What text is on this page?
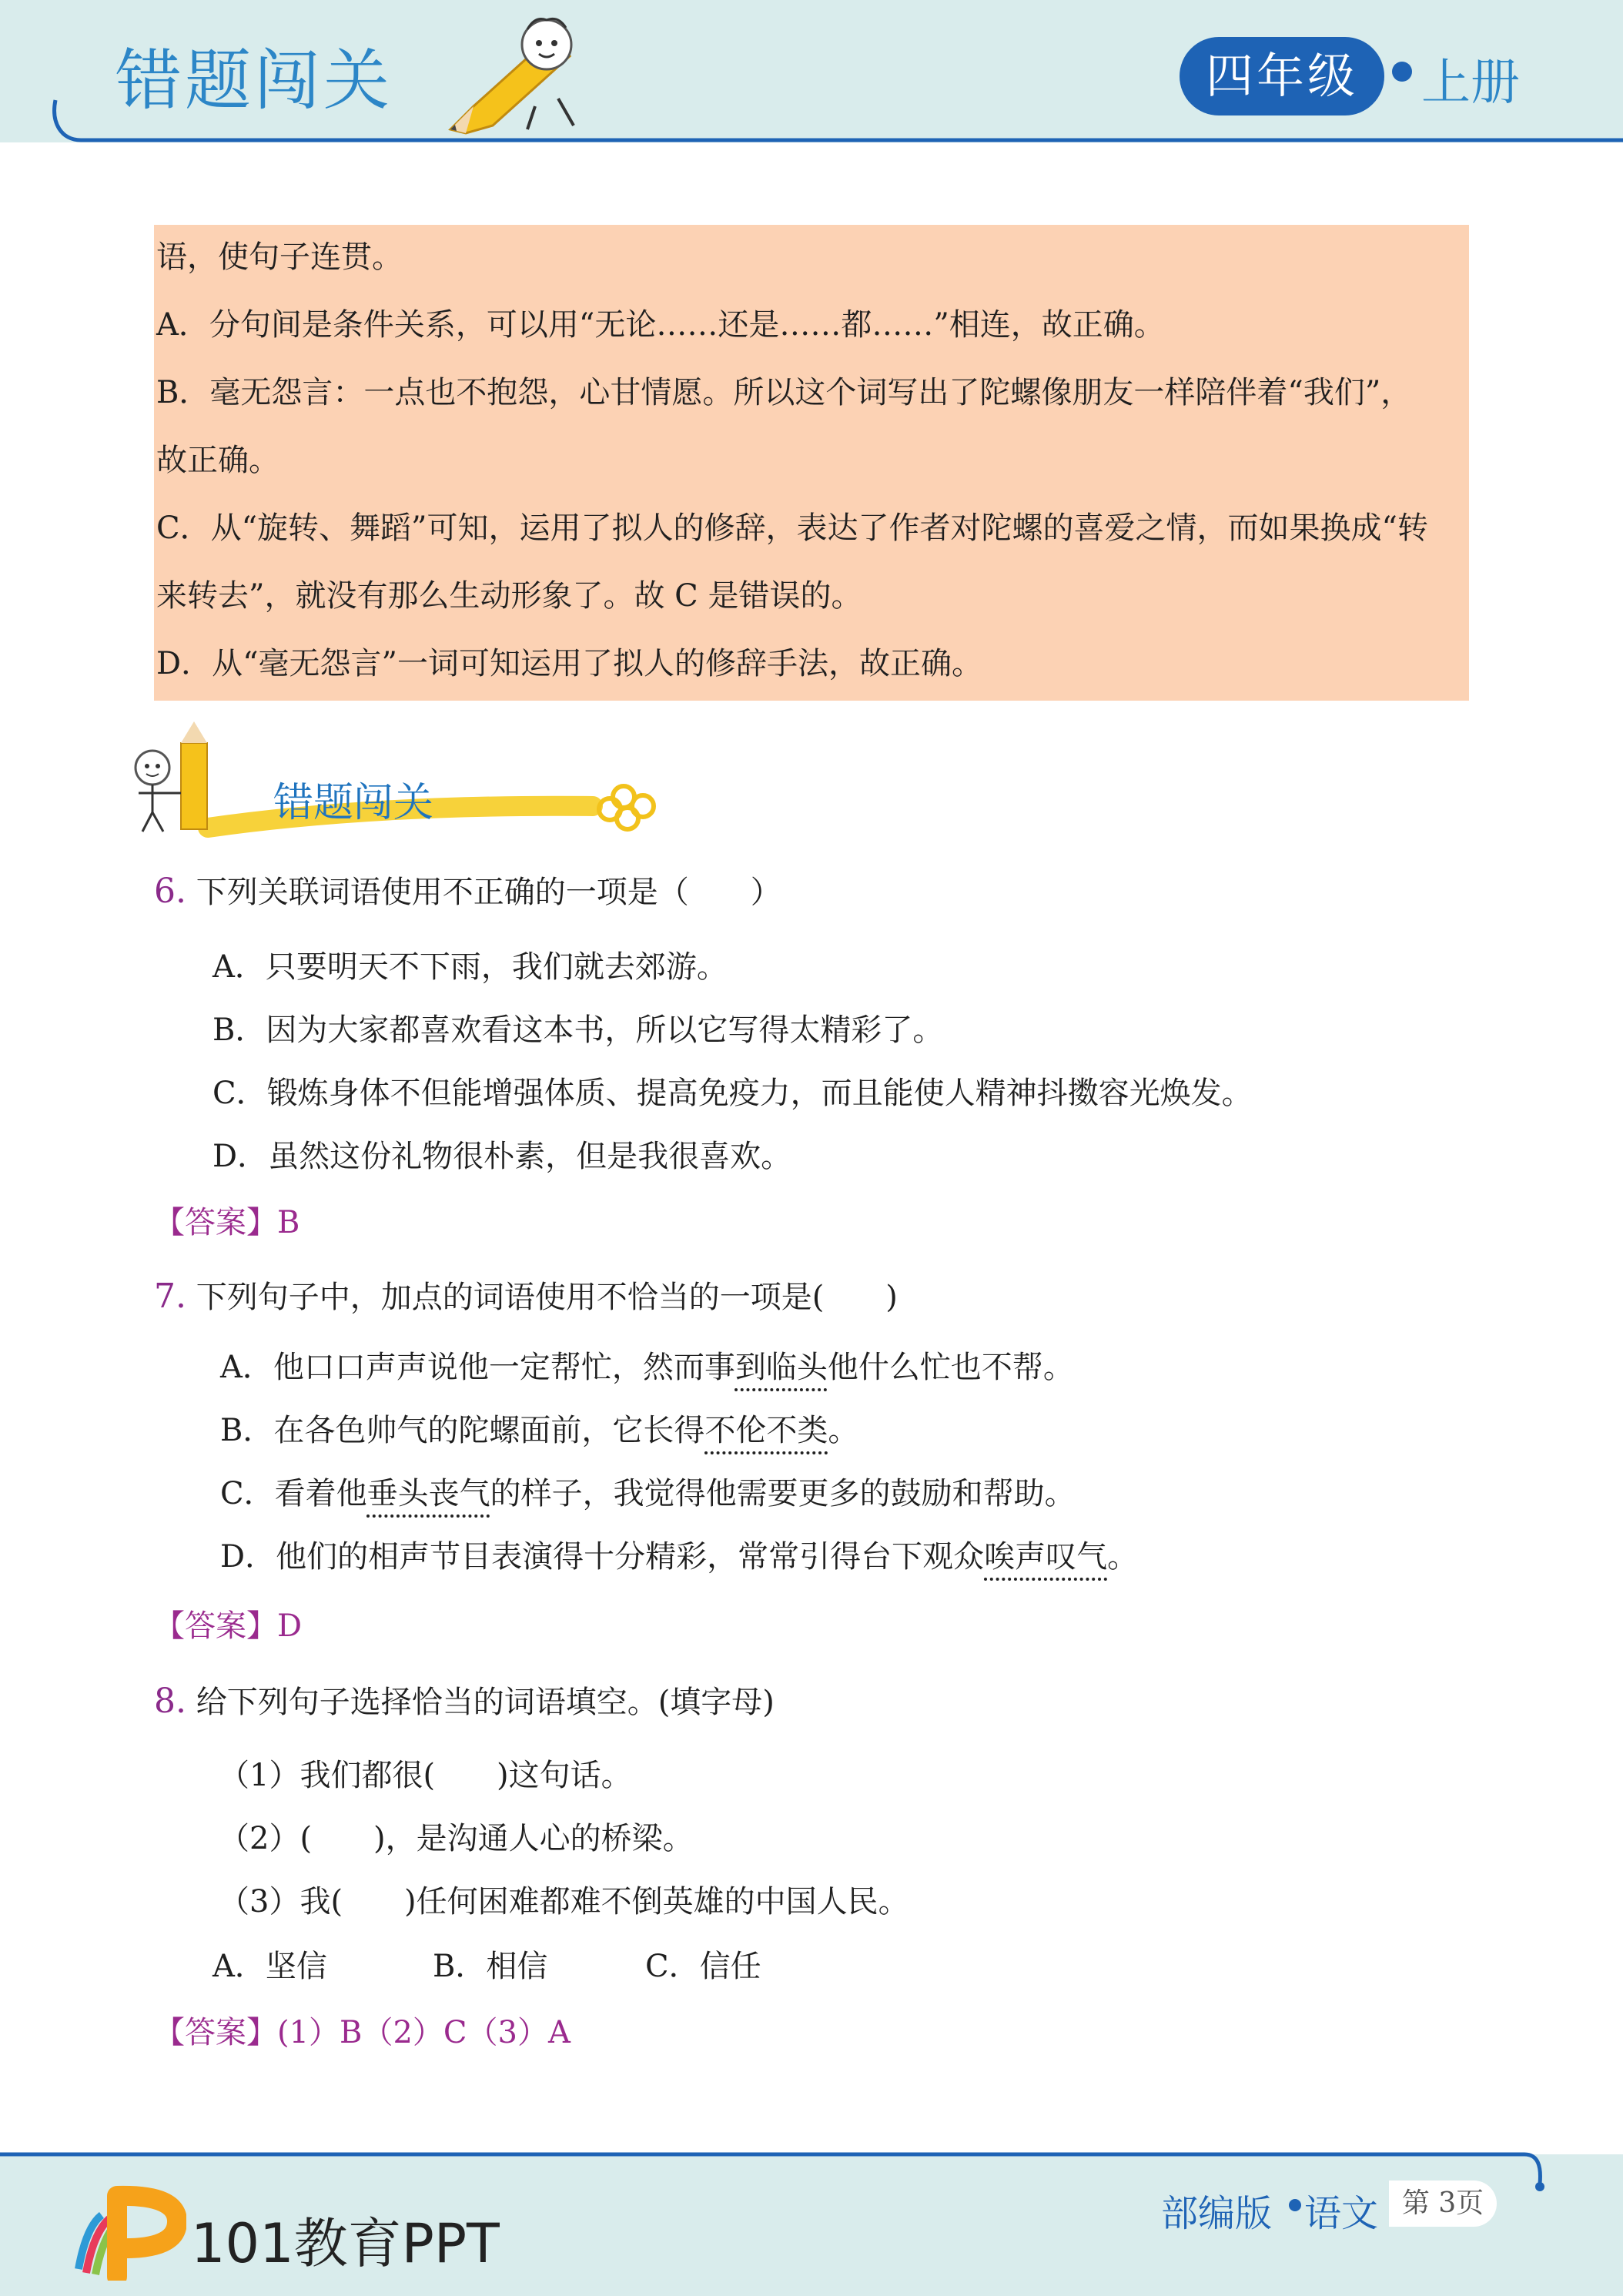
错题闯关	四年级	上册
语，使句子连贯。
A．分句间是条件关系，可以用“无论……还是……都……”相连，故正确。
B．毫无怨言：一点也不抱怨，心甘情愿。所以这个词写出了陀螺像朋友一样陪伴着“我们”，
故正确。
C．从“旋转、舞蹈”可知，运用了拟人的修辞，表达了作者对陀螺的喜爱之情，而如果换成“转
来转去”，就没有那么生动形象了。故 C 是错误的。
D．从“毫无怨言”一词可知运用了拟人的修辞手法，故正确。
错题闯关
6. 下列关联词语使用不正确的一项是（　　）
A．只要明天不下雨，我们就去郊游。
B．因为大家都喜欢看这本书，所以它写得太精彩了。
C．锻炼身体不但能增强体质、提高免疫力，而且能使人精神抖擞容光焕发。
D．虽然这份礼物很朴素，但是我很喜欢。
【答案】B
7. 下列句子中，加点的词语使用不恰当的一项是(　　)
A．他口口声声说他一定帮忙，然而事到临头他什么忙也不帮。
B．在各色帅气的陀螺面前，它长得不伦不类。
C．看着他垂头丧气的样子，我觉得他需要更多的鼓励和帮助。
D．他们的相声节目表演得十分精彩，常常引得台下观众唉声叹气。
【答案】D
8. 给下列句子选择恰当的词语填空。(填字母)
（1）我们都很(　　)这句话。
（2）(　　)，是沟通人心的桥梁。
（3）我(　　)任何困难都难不倒英雄的中国人民。
A．坚信	B．相信	C．信任
【答案】(1）B（2）C（3）A
101教育PPT	部编版 语文 第 3页
